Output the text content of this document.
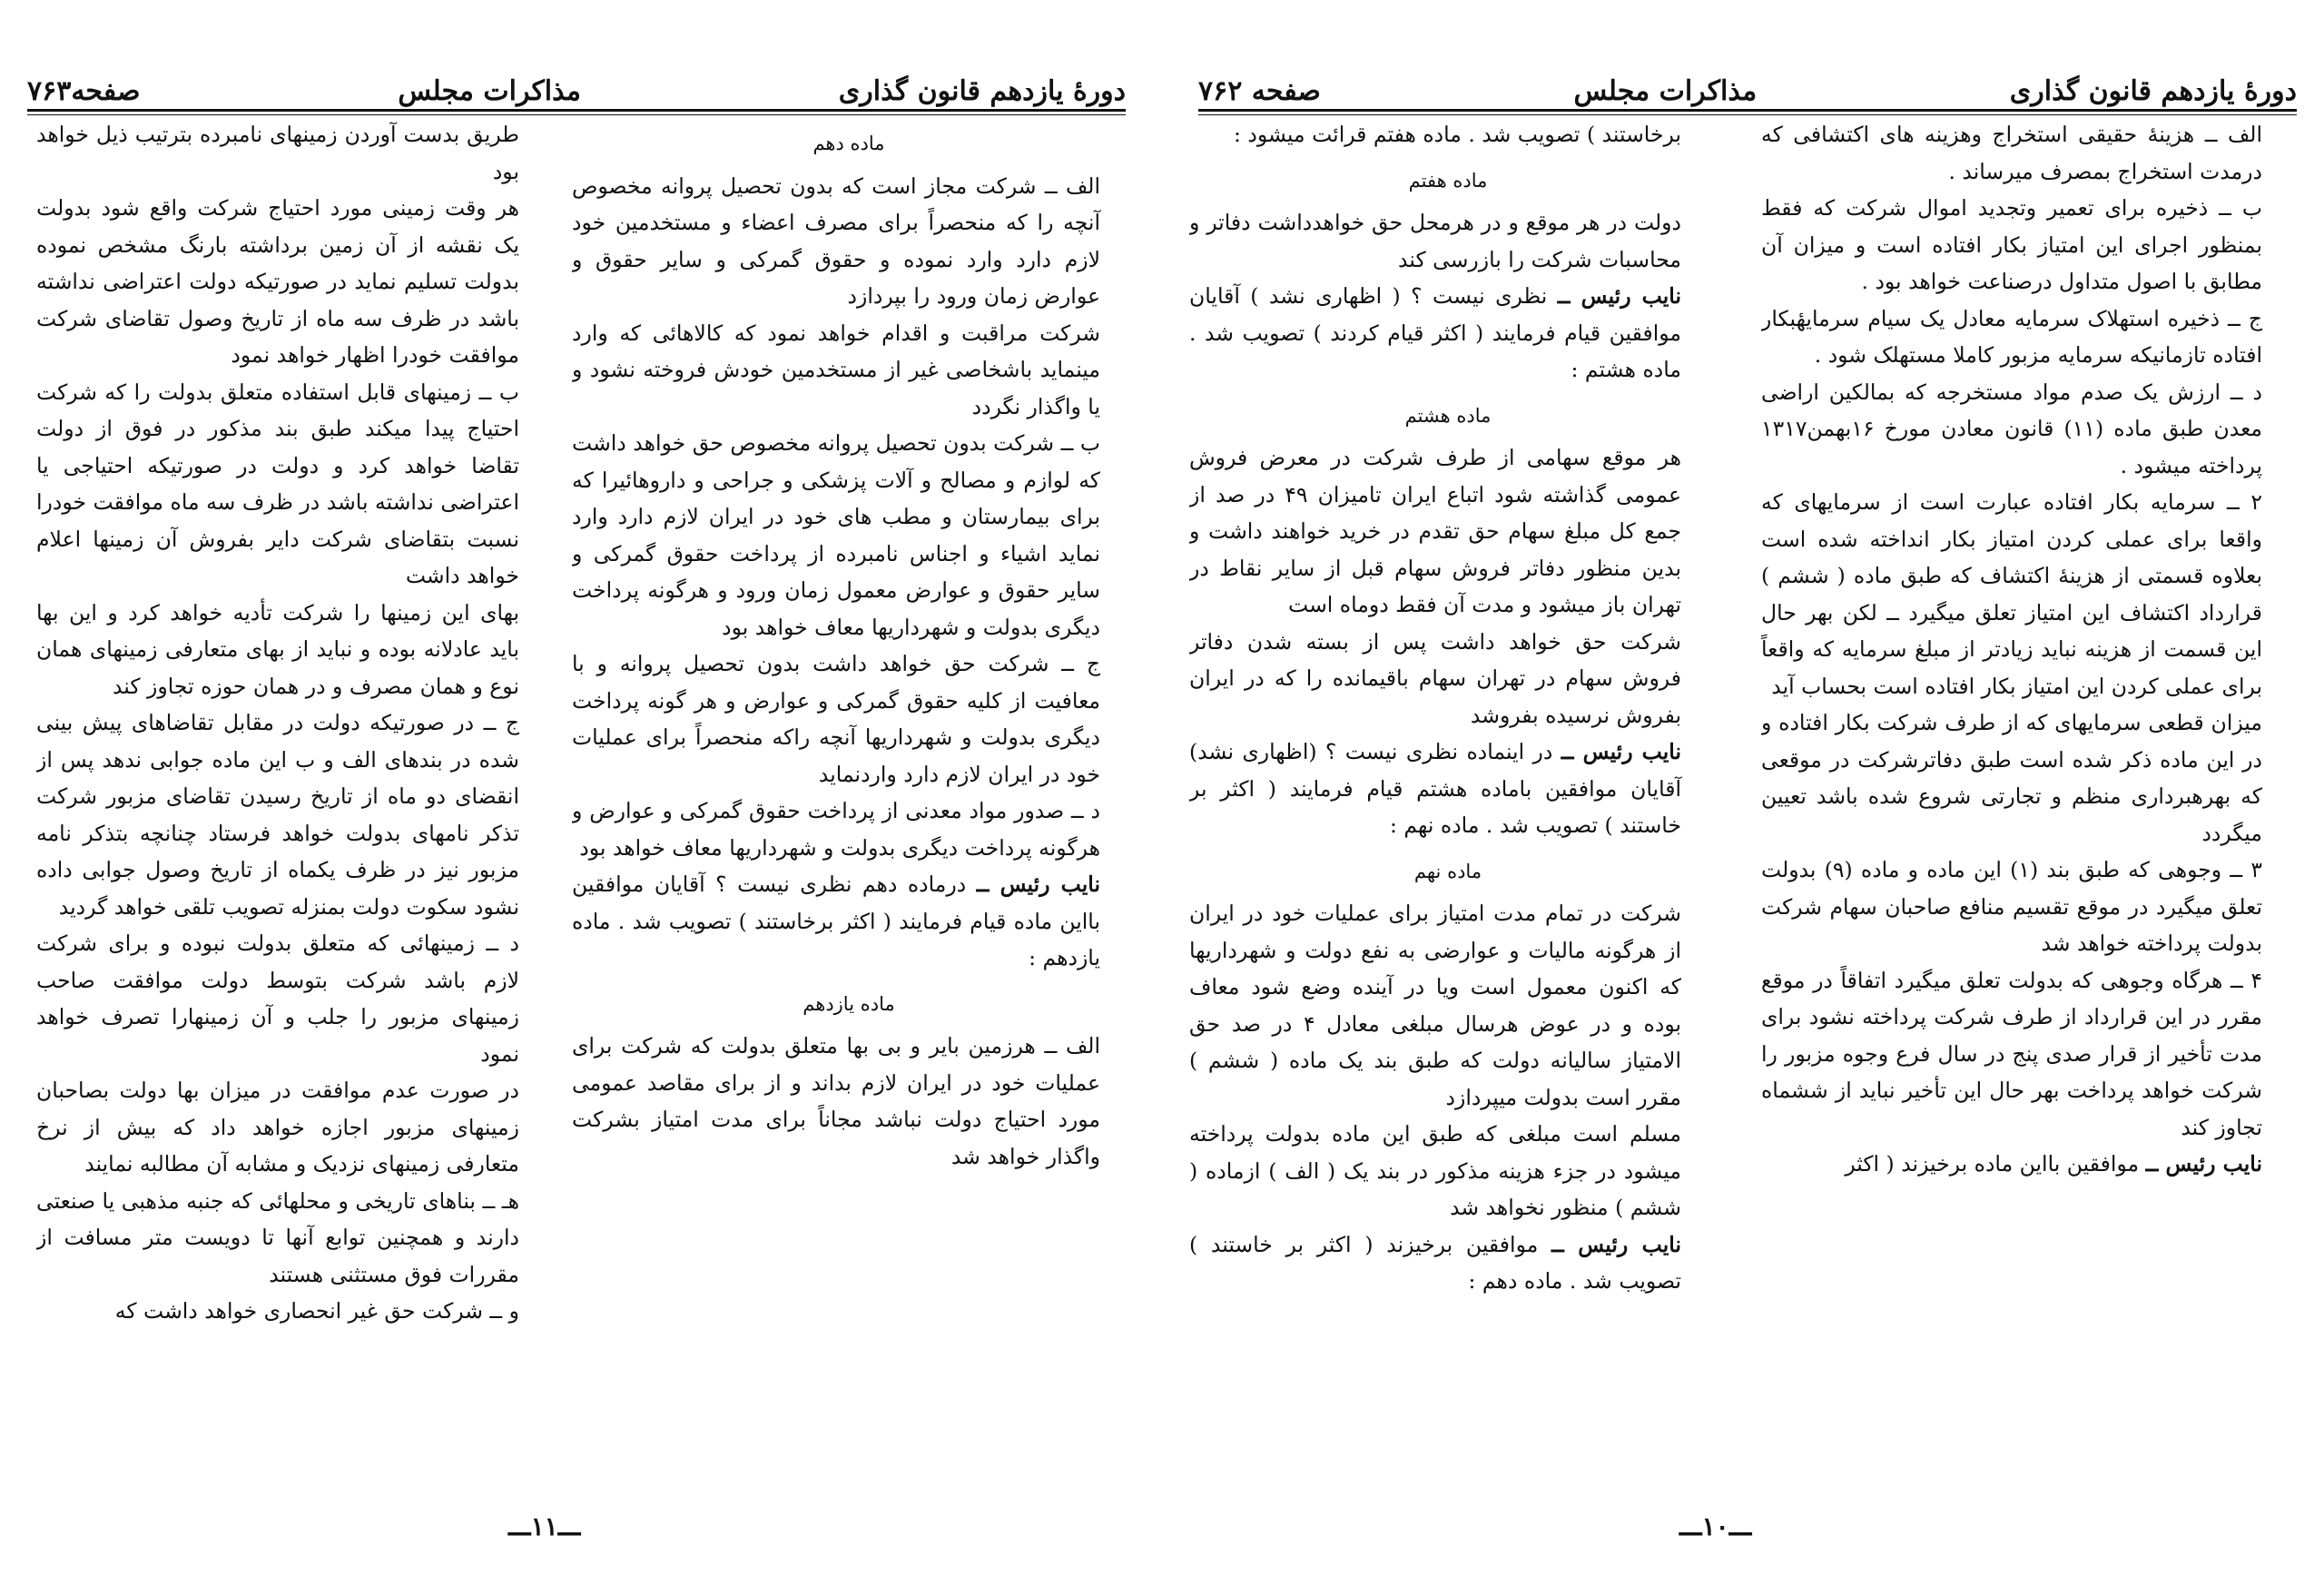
دورهٔ یازدهم قانون گذاری
مذاکرات مجلس
صفحه۷۶۳

ماده دهم

الف ــ شرکت مجاز است که بدون تحصیل پروانه مخصوص آنچه را که منحصراً برای مصرف اعضاء و مستخدمین خود لازم دارد وارد نموده و حقوق گمرکی و سایر حقوق و عوارض زمان ورود را بپردازد

شرکت مراقبت و اقدام خواهد نمود که کالاهائی که وارد مینماید باشخاصی غیر از مستخدمین خودش فروخته نشود و یا واگذار نگردد

ب ــ شرکت بدون تحصیل پروانه مخصوص حق خواهد داشت که لوازم و مصالح و آلات پزشکی و جراحی و داروهائیرا که برای بیمارستان و مطب های خود در ایران لازم دارد وارد نماید اشیاء و اجناس نامبرده از پرداخت حقوق گمرکی و سایر حقوق و عوارض معمول زمان ورود و هرگونه پرداخت دیگری بدولت و شهرداریها معاف خواهد بود

ج ــ شرکت حق خواهد داشت بدون تحصیل پروانه و با معافیت از کلیه حقوق گمرکی و عوارض و هر گونه پرداخت دیگری بدولت و شهرداریها آنچه راکه منحصراً برای عملیات خود در ایران لازم دارد واردنماید

د ــ صدور مواد معدنی از پرداخت حقوق گمرکی و عوارض و هرگونه پرداخت دیگری بدولت و شهرداریها معاف خواهد بود

نایب رئیس ــ درماده دهم نظری نیست ؟ آقایان موافقین بااین ماده قیام فرمایند ( اکثر برخاستند ) تصویب شد . ماده یازدهم :

ماده یازدهم

الف ــ هرزمین بایر و بی بها متعلق بدولت که شرکت برای عملیات خود در ایران لازم بداند و از برای مقاصد عمومی مورد احتیاج دولت نباشد مجاناً برای مدت امتیاز بشرکت واگذار خواهد شد

طریق بدست آوردن زمینهای نامبرده بترتیب ذیل خواهد بود

هر وقت زمینی مورد احتیاج شرکت واقع شود بدولت یک نقشه از آن زمین برداشته بارنگ مشخص نموده بدولت تسلیم نماید در صورتیکه دولت اعتراضی نداشته باشد در ظرف سه ماه از تاریخ وصول تقاضای شرکت موافقت خودرا اظهار خواهد نمود

ب ــ زمینهای قابل استفاده متعلق بدولت را که شرکت احتیاج پیدا میکند طبق بند مذکور در فوق از دولت تقاضا خواهد کرد و دولت در صورتیکه احتیاجی یا اعتراضی نداشته باشد در ظرف سه ماه موافقت خودرا نسبت بتقاضای شرکت دایر بفروش آن زمینها اعلام خواهد داشت

بهای این زمینها را شرکت تأدیه خواهد کرد و این بها باید عادلانه بوده و نباید از بهای متعارفی زمینهای همان نوع و همان مصرف و در همان حوزه تجاوز کند

ج ــ در صورتیکه دولت در مقابل تقاضاهای پیش بینی شده در بندهای الف و ب این ماده جوابی ندهد پس از انقضای دو ماه از تاریخ رسیدن تقاضای مزبور شرکت تذکر نامهای بدولت خواهد فرستاد چنانچه بتذکر نامه مزبور نیز در ظرف یکماه از تاریخ وصول جوابی داده نشود سکوت دولت بمنزله تصویب تلقی خواهد گردید

د ــ زمینهائی که متعلق بدولت نبوده و برای شرکت لازم باشد شرکت بتوسط دولت موافقت صاحب زمینهای مزبور را جلب و آن زمینهارا تصرف خواهد نمود

در صورت عدم موافقت در میزان بها دولت بصاحبان زمینهای مزبور اجازه خواهد داد که بیش از نرخ متعارفی زمینهای نزدیک و مشابه آن مطالبه نمایند

هـ ــ بناهای تاریخی و محلهائی که جنبه مذهبی یا صنعتی دارند و همچنین توابع آنها تا دویست متر مسافت از مقررات فوق مستثنی هستند

و ــ شرکت حق غیر انحصاری خواهد داشت که

ـــ۱۱ـــ
دورهٔ یازدهم قانون گذاری
مذاکرات مجلس
صفحه ۷۶۲

الف ــ هزینهٔ حقیقی استخراج وهزینه های اکتشافی که درمدت استخراج بمصرف میرساند .

ب ــ ذخیره برای تعمیر وتجدید اموال شرکت که فقط بمنظور اجرای این امتیاز بکار افتاده است و میزان آن مطابق با اصول متداول درصناعت خواهد بود .

ج ــ ذخیره استهلاک سرمایه معادل یک سیام سرمایهٔبکار افتاده تازمانیکه سرمایه مزبور کاملا مستهلک شود .

د ــ ارزش یک صدم مواد مستخرجه که بمالکین اراضی معدن طبق ماده (۱۱) قانون معادن مورخ ۱۶بهمن۱۳۱۷ پرداخته میشود .

۲ ــ سرمایه بکار افتاده عبارت است از سرمایهای که واقعا برای عملی کردن امتیاز بکار انداخته شده است بعلاوه قسمتی از هزینهٔ اکتشاف که طبق ماده ( ششم ) قرارداد اکتشاف این امتیاز تعلق میگیرد ــ لکن بهر حال این قسمت از هزینه نباید زیادتر از مبلغ سرمایه که واقعاً برای عملی کردن این امتیاز بکار افتاده است بحساب آید

میزان قطعی سرمایهای که از طرف شرکت بکار افتاده و در این ماده ذکر شده است طبق دفاترشرکت در موقعی که بهرهبرداری منظم و تجارتی شروع شده باشد تعیین میگردد

۳ ــ وجوهی که طبق بند (۱) این ماده و ماده (۹) بدولت تعلق میگیرد در موقع تقسیم منافع صاحبان سهام شرکت بدولت پرداخته خواهد شد

۴ ــ هرگاه وجوهی که بدولت تعلق میگیرد اتفاقاً در موقع مقرر در این قرارداد از طرف شرکت پرداخته نشود برای مدت تأخیر از قرار صدی پنج در سال فرع وجوه مزبور را شرکت خواهد پرداخت بهر حال این تأخیر نباید از ششماه تجاوز کند

نایب رئیس ــ موافقین بااین ماده برخیزند ( اکثر

برخاستند ) تصویب شد . ماده هفتم قرائت میشود :

ماده هفتم

دولت در هر موقع و در هرمحل حق خواهدداشت دفاتر و محاسبات شرکت را بازرسی کند

نایب رئیس ــ نظری نیست ؟ ( اظهاری نشد ) آقایان موافقین قیام فرمایند ( اکثر قیام کردند ) تصویب شد . ماده هشتم :

ماده هشتم

هر موقع سهامی از طرف شرکت در معرض فروش عمومی گذاشته شود اتباع ایران تامیزان ۴۹ در صد از جمع کل مبلغ سهام حق تقدم در خرید خواهند داشت و بدین منظور دفاتر فروش سهام قبل از سایر نقاط در تهران باز میشود و مدت آن فقط دوماه است

شرکت حق خواهد داشت پس از بسته شدن دفاتر فروش سهام در تهران سهام باقیمانده را که در ایران بفروش نرسیده بفروشد

نایب رئیس ــ در اینماده نظری نیست ؟ (اظهاری نشد) آقایان موافقین باماده هشتم قیام فرمایند ( اکثر بر خاستند ) تصویب شد . ماده نهم :

ماده نهم

شرکت در تمام مدت امتیاز برای عملیات خود در ایران از هرگونه مالیات و عوارضی به نفع دولت و شهرداریها که اکنون معمول است ویا در آینده وضع شود معاف بوده و در عوض هرسال مبلغی معادل ۴ در صد حق الامتیاز سالیانه دولت که طبق بند یک ماده ( ششم ) مقرر است بدولت میپردازد

مسلم است مبلغی که طبق این ماده بدولت پرداخته میشود در جزء هزینه مذکور در بند یک ( الف ) ازماده ( ششم ) منظور نخواهد شد

نایب رئیس ــ موافقین برخیزند ( اکثر بر خاستند ) تصویب شد . ماده دهم :

ـــ۱۰ـــ
